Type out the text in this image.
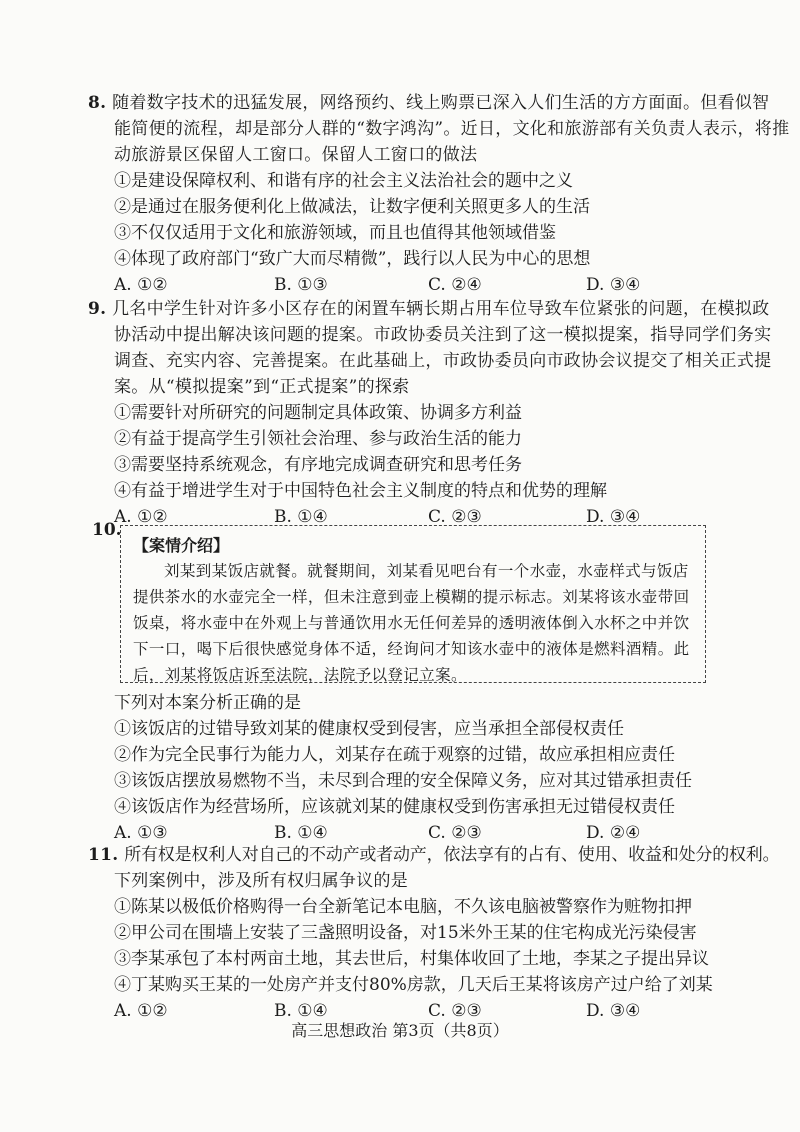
8. 随着数字技术的迅猛发展，网络预约、线上购票已深入人们生活的方方面面。但看似智
能简便的流程，却是部分人群的“数字鸿沟”。近日，文化和旅游部有关负责人表示，将推
动旅游景区保留人工窗口。保留人工窗口的做法
①是建设保障权利、和谐有序的社会主义法治社会的题中之义
②是通过在服务便利化上做减法，让数字便利关照更多人的生活
③不仅仅适用于文化和旅游领域，而且也值得其他领域借鉴
④体现了政府部门“致广大而尽精微”，践行以人民为中心的思想
A. ①②	B. ①③	C. ②④	D. ③④
9. 几名中学生针对许多小区存在的闲置车辆长期占用车位导致车位紧张的问题，在模拟政
协活动中提出解决该问题的提案。市政协委员关注到了这一模拟提案，指导同学们务实
调查、充实内容、完善提案。在此基础上，市政协委员向市政协会议提交了相关正式提
案。从“模拟提案”到“正式提案”的探索
①需要针对所研究的问题制定具体政策、协调多方利益
②有益于提高学生引领社会治理、参与政治生活的能力
③需要坚持系统观念，有序地完成调查研究和思考任务
④有益于增进学生对于中国特色社会主义制度的特点和优势的理解
A. ①②	B. ①④	C. ②③	D. ③④
10.
【案情介绍】
刘某到某饭店就餐。就餐期间，刘某看见吧台有一个水壶，水壶样式与饭店提供茶水的水壶完全一样，但未注意到壶上模糊的提示标志。刘某将该水壶带回饭桌，将水壶中在外观上与普通饮用水无任何差异的透明液体倒入水杯之中并饮下一口，喝下后很快感觉身体不适，经询问才知该水壶中的液体是燃料酒精。此后，刘某将饭店诉至法院，法院予以登记立案。
下列对本案分析正确的是
①该饭店的过错导致刘某的健康权受到侵害，应当承担全部侵权责任
②作为完全民事行为能力人，刘某存在疏于观察的过错，故应承担相应责任
③该饭店摆放易燃物不当，未尽到合理的安全保障义务，应对其过错承担责任
④该饭店作为经营场所，应该就刘某的健康权受到伤害承担无过错侵权责任
A. ①③	B. ①④	C. ②③	D. ②④
11. 所有权是权利人对自己的不动产或者动产，依法享有的占有、使用、收益和处分的权利。
下列案例中，涉及所有权归属争议的是
①陈某以极低价格购得一台全新笔记本电脑，不久该电脑被警察作为赃物扣押
②甲公司在围墙上安装了三盏照明设备，对15米外王某的住宅构成光污染侵害
③李某承包了本村两亩土地，其去世后，村集体收回了土地，李某之子提出异议
④丁某购买王某的一处房产并支付80%房款，几天后王某将该房产过户给了刘某
A. ①②	B. ①④	C. ②③	D. ③④
高三思想政治 第3页（共8页）
